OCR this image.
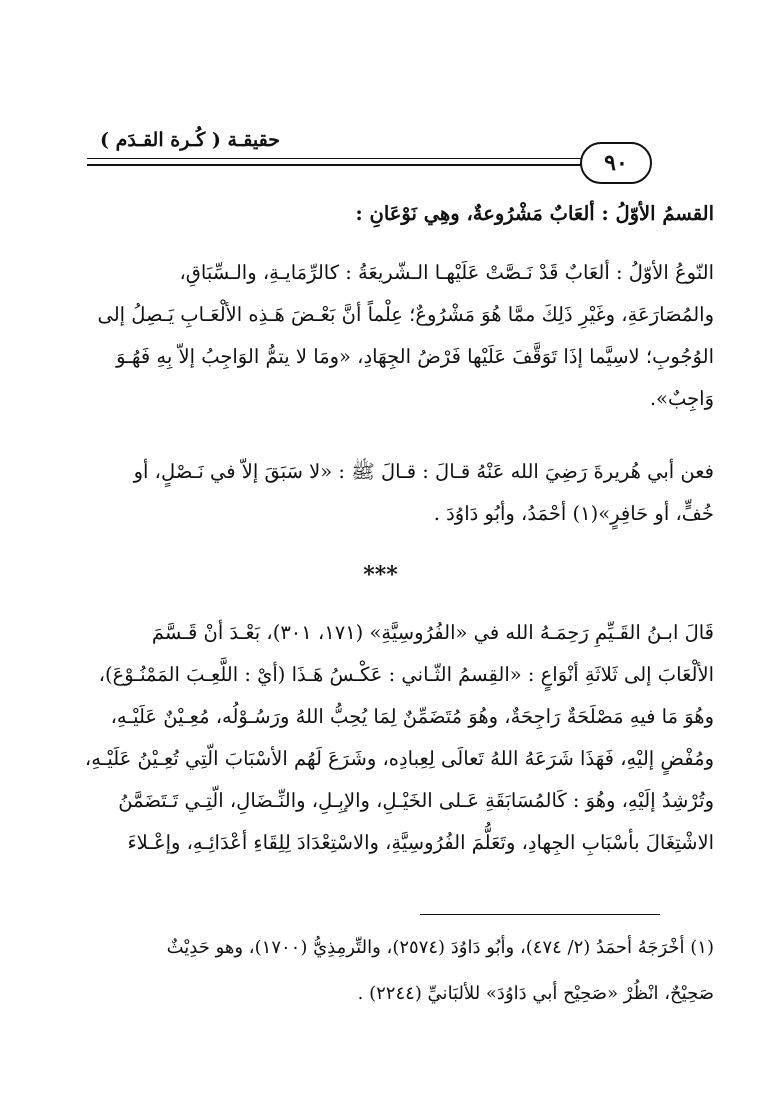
حقيقـة ( كُـرة القـدَم )
٩٠
القسمُ الأوّلُ : ألعَابٌ مَشْرُوعةٌ، وهِي نَوْعَانِ :
النّوعُ الأوّلُ : ألعَابٌ قَدْ نَـصَّتْ عَلَيْهـا الـشّريعَةُ : كالرِّمَايـةِ، والـسِّبَاقِ،
والمُصَارَعَةِ، وغَيْرِ ذَلِكَ ممَّا هُوَ مَشْرُوعٌ؛ عِلْماً أنَّ بَعْـضَ هَـذِه الألْعَـابِ يَـصِلُ إلى
الوُجُوبِ؛ لاسِيَّما إذَا تَوَقَّفَ عَلَيْها فَرْضُ الجِهَادِ، «ومَا لا يتمُّ الوَاجِبُ إلاّ بِهِ فَهُـوَ
وَاجِبٌ».
فعن أبي هُريرةَ رَضِيَ الله عَنْهُ قـالَ : قـالَ ﷺ : «لا سَبَقَ إلاّ في نَـصْلٍ، أو
خُفٍّ، أو حَافِرٍ»(١) أحْمَدُ، وأبُو دَاوُدَ .
***
قَالَ ابـنُ القَـيِّمِ رَحِمَـهُ الله في «الفُرُوسِيَّةِ» (١٧١، ٣٠١)، بَعْـدَ أنْ قَـسَّمَ
الألْعَابَ إلى ثَلاثَةِ أنْوَاعٍ : «القِسمُ الثّـاني : عَكْـسُ هَـذَا (أيْ : اللَّعِـبَ المَمْنُـوْعَ)،
وهُوَ مَا فيهِ مَصْلَحَةٌ رَاجِحَةٌ، وهُوَ مُتَضَمِّنٌ لِمَا يُحِبُّ اللهُ ورَسُـوْلُه، مُعِـيْنٌ عَلَيْـهِ،
ومُفْضٍ إليْهِ، فَهَذَا شَرَعَهُ اللهُ تَعالَى لِعِبادِه، وشَرَعَ لَهُم الأسْبَابَ الّتِي تُعِـيْنُ عَلَيْـهِ،
وتُرْشِدُ إلَيْهِ، وهُوَ : كَالمُسَابَقَةِ عَـلى الخَيْـلِ، والإبِـلِ، والنِّـضَالِ، الّتِـي تَـتَضَمَّنُ
الاشْتِغَالَ بأسْبَابِ الجِهادِ، وتَعَلُّمَ الفُرُوسِيَّةِ، والاسْتِعْدَادَ لِلِقَاءِ أعْدَائِـهِ، وإعْـلاءَ
(١) أخْرَجَهُ أحمَدُ (٢/ ٤٧٤)، وأبُو دَاوُدَ (٢٥٧٤)، والتِّرمِذِيُّ (١٧٠٠)، وهو حَدِيْثٌ
صَحِيْحٌ، انْظُرْ «صَحِيْح أبي دَاوُدَ» للألبَانيِّ (٢٢٤٤) .
